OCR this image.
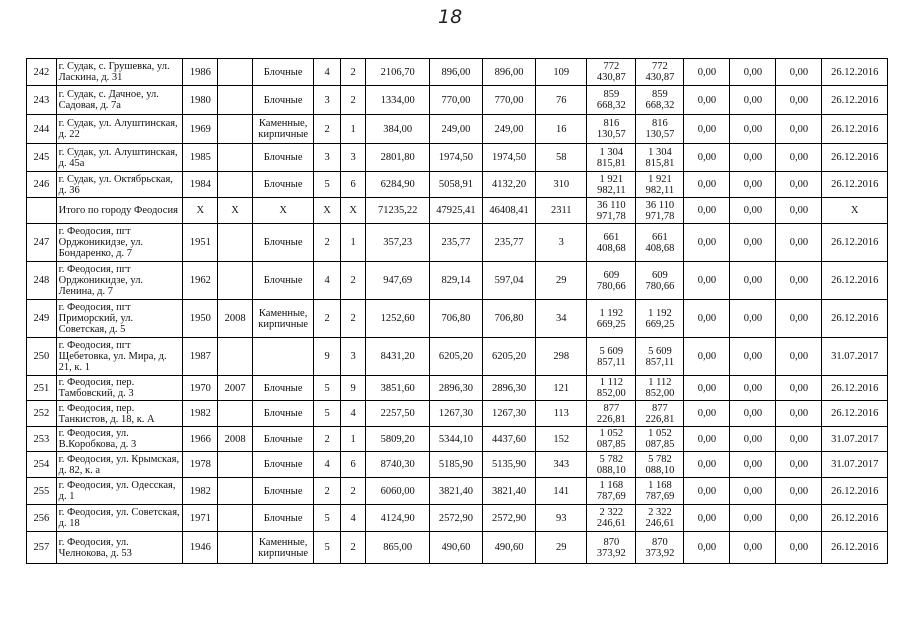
18
242	г. Судак, с. Грушевка, ул. Ласкина, д. 31	1986		Блочные	4	2	2106,70	896,00	896,00	109	772 430,87	772 430,87	0,00	0,00	0,00	26.12.2016
243	г. Судак, с. Дачное, ул. Садовая, д. 7а	1980		Блочные	3	2	1334,00	770,00	770,00	76	859 668,32	859 668,32	0,00	0,00	0,00	26.12.2016
244	г. Судак, ул. Алуштинская, д. 22	1969		Каменные, кирпичные	2	1	384,00	249,00	249,00	16	816 130,57	816 130,57	0,00	0,00	0,00	26.12.2016
245	г. Судак, ул. Алуштинская, д. 45а	1985		Блочные	3	3	2801,80	1974,50	1974,50	58	1 304 815,81	1 304 815,81	0,00	0,00	0,00	26.12.2016
246	г. Судак, ул. Октябрьская, д. 36	1984		Блочные	5	6	6284,90	5058,91	4132,20	310	1 921 982,11	1 921 982,11	0,00	0,00	0,00	26.12.2016
	Итого по городу Феодосия	X	X	X	X	X	71235,22	47925,41	46408,41	2311	36 110 971,78	36 110 971,78	0,00	0,00	0,00	X
247	г. Феодосия, пгт Орджоникидзе, ул. Бондаренко, д. 7	1951		Блочные	2	1	357,23	235,77	235,77	3	661 408,68	661 408,68	0,00	0,00	0,00	26.12.2016
248	г. Феодосия, пгт Орджоникидзе, ул. Ленина, д. 7	1962		Блочные	4	2	947,69	829,14	597,04	29	609 780,66	609 780,66	0,00	0,00	0,00	26.12.2016
249	г. Феодосия, пгт Приморский, ул. Советская, д. 5	1950	2008	Каменные, кирпичные	2	2	1252,60	706,80	706,80	34	1 192 669,25	1 192 669,25	0,00	0,00	0,00	26.12.2016
250	г. Феодосия, пгт Щебетовка, ул. Мира, д. 21, к. 1	1987			9	3	8431,20	6205,20	6205,20	298	5 609 857,11	5 609 857,11	0,00	0,00	0,00	31.07.2017
251	г. Феодосия, пер. Тамбовский, д. 3	1970	2007	Блочные	5	9	3851,60	2896,30	2896,30	121	1 112 852,00	1 112 852,00	0,00	0,00	0,00	26.12.2016
252	г. Феодосия, пер. Танкистов, д. 18, к. А	1982		Блочные	5	4	2257,50	1267,30	1267,30	113	877 226,81	877 226,81	0,00	0,00	0,00	26.12.2016
253	г. Феодосия, ул. В.Коробкова, д. 3	1966	2008	Блочные	2	1	5809,20	5344,10	4437,60	152	1 052 087,85	1 052 087,85	0,00	0,00	0,00	31.07.2017
254	г. Феодосия, ул. Крымская, д. 82, к. а	1978		Блочные	4	6	8740,30	5185,90	5135,90	343	5 782 088,10	5 782 088,10	0,00	0,00	0,00	31.07.2017
255	г. Феодосия, ул. Одесская, д. 1	1982		Блочные	2	2	6060,00	3821,40	3821,40	141	1 168 787,69	1 168 787,69	0,00	0,00	0,00	26.12.2016
256	г. Феодосия, ул. Советская, д. 18	1971		Блочные	5	4	4124,90	2572,90	2572,90	93	2 322 246,61	2 322 246,61	0,00	0,00	0,00	26.12.2016
257	г. Феодосия, ул. Челнокова, д. 53	1946		Каменные, кирпичные	5	2	865,00	490,60	490,60	29	870 373,92	870 373,92	0,00	0,00	0,00	26.12.2016
